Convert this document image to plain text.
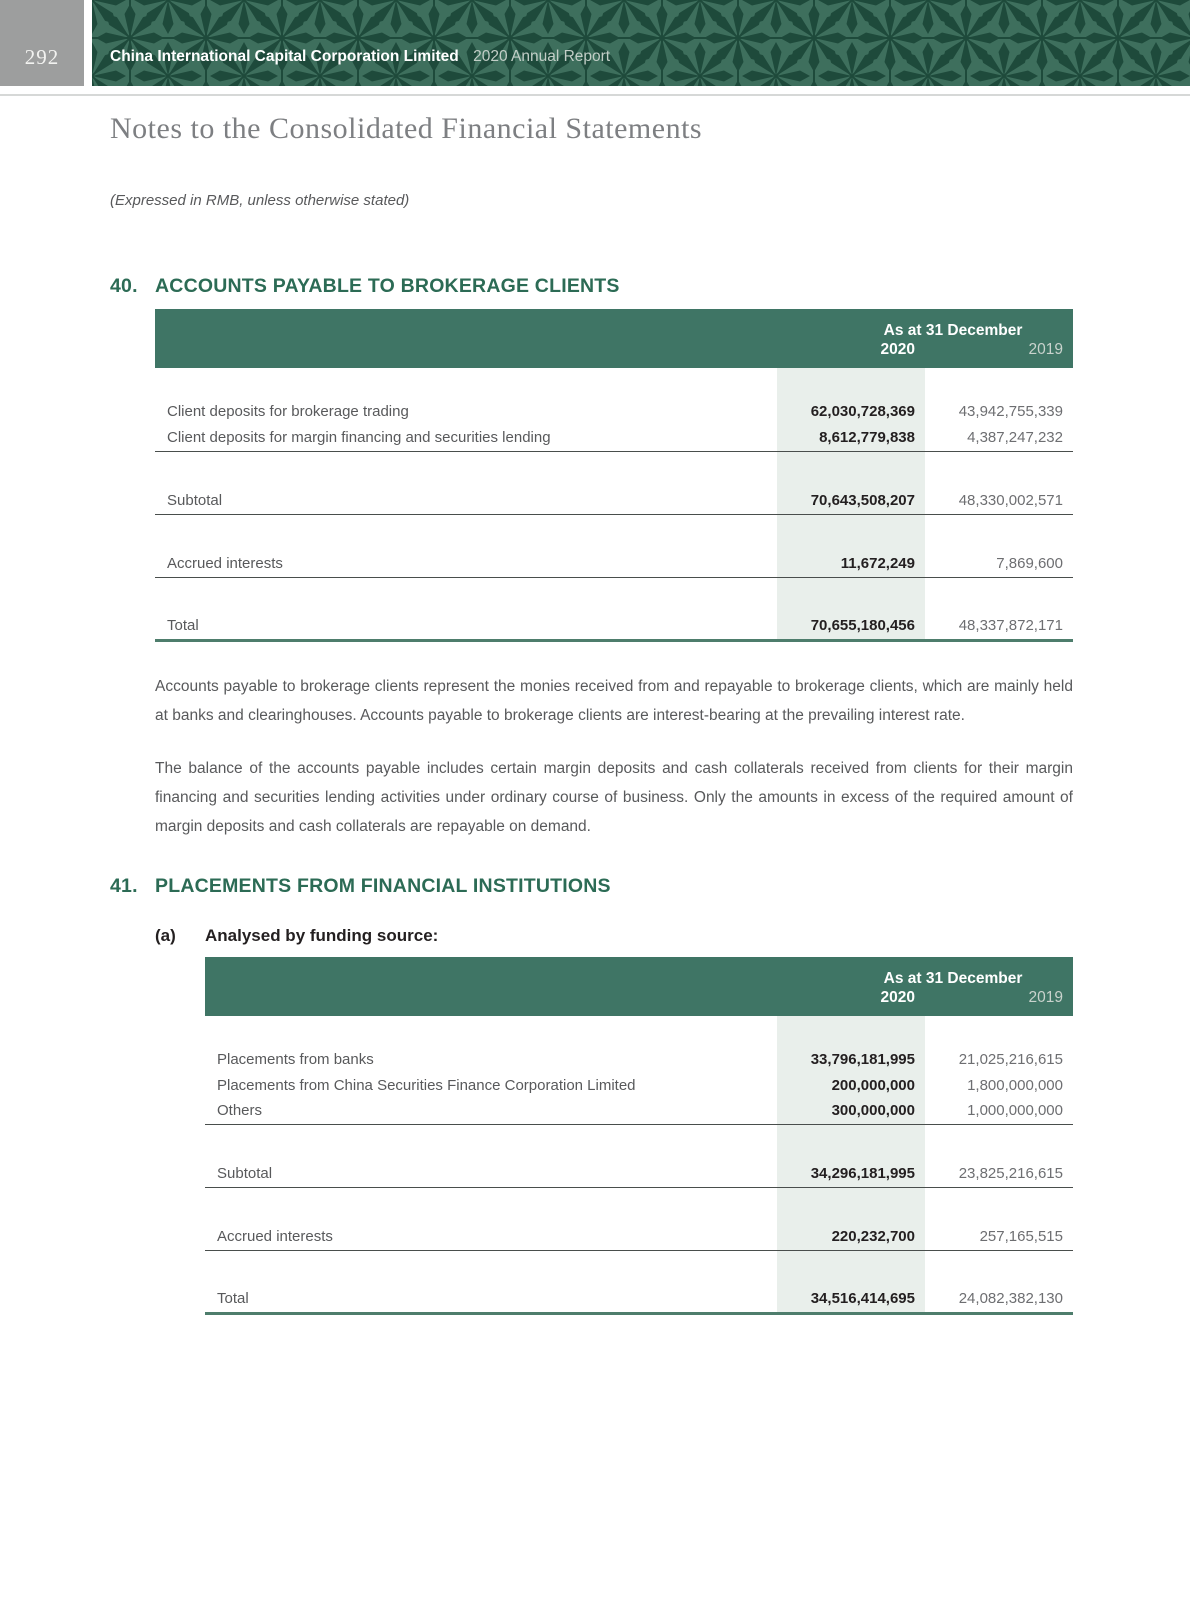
292	China International Capital Corporation Limited 2020 Annual Report
Notes to the Consolidated Financial Statements

(Expressed in RMB, unless otherwise stated)

40. ACCOUNTS PAYABLE TO BROKERAGE CLIENTS
	As at 31 December	
	2020	2019

Client deposits for brokerage trading	62,030,728,369	43,942,755,339
Client deposits for margin financing and securities lending	8,612,779,838	4,387,247,232

Subtotal	70,643,508,207	48,330,002,571

Accrued interests	11,672,249	7,869,600

Total	70,655,180,456	48,337,872,171

Accounts payable to brokerage clients represent the monies received from and repayable to brokerage clients, which are mainly held at banks and clearinghouses. Accounts payable to brokerage clients are interest-bearing at the prevailing interest rate.

The balance of the accounts payable includes certain margin deposits and cash collaterals received from clients for their margin financing and securities lending activities under ordinary course of business. Only the amounts in excess of the required amount of margin deposits and cash collaterals are repayable on demand.

41. PLACEMENTS FROM FINANCIAL INSTITUTIONS
(a)	Analysed by funding source:
	As at 31 December	
	2020	2019

Placements from banks	33,796,181,995	21,025,216,615
Placements from China Securities Finance Corporation Limited	200,000,000	1,800,000,000
Others	300,000,000	1,000,000,000

Subtotal	34,296,181,995	23,825,216,615

Accrued interests	220,232,700	257,165,515

Total	34,516,414,695	24,082,382,130
